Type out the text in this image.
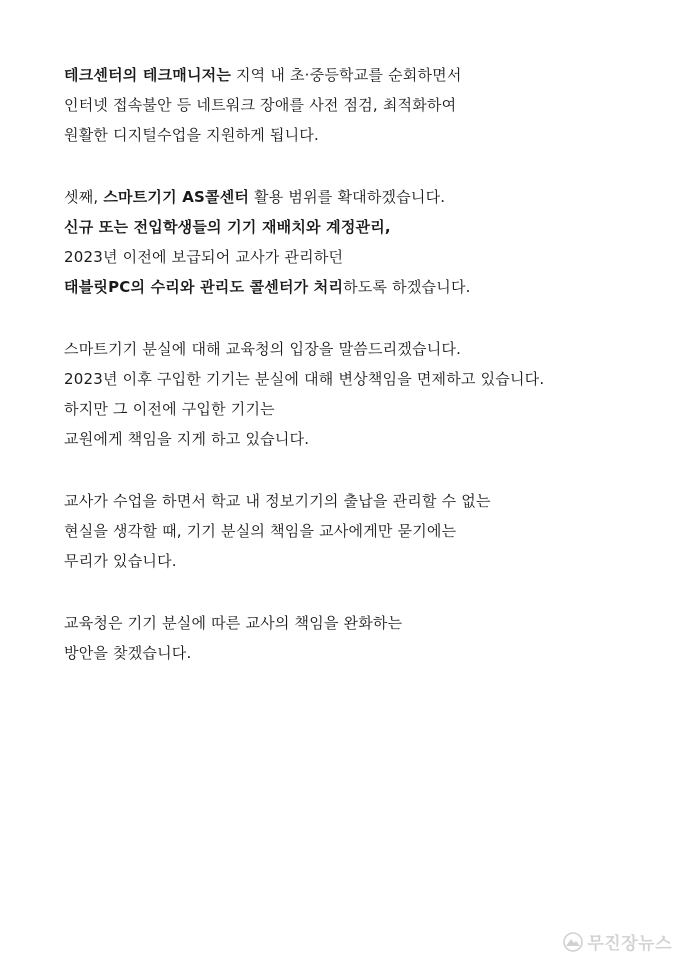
테크센터의 테크매니저는 지역 내 초·중등학교를 순회하면서
인터넷 접속불안 등 네트워크 장애를 사전 점검, 최적화하여
원활한 디지털수업을 지원하게 됩니다.
셋째, 스마트기기 AS콜센터 활용 범위를 확대하겠습니다.
신규 또는 전입학생들의 기기 재배치와 계정관리,
2023년 이전에 보급되어 교사가 관리하던
태블릿PC의 수리와 관리도 콜센터가 처리하도록 하겠습니다.
스마트기기 분실에 대해 교육청의 입장을 말씀드리겠습니다.
2023년 이후 구입한 기기는 분실에 대해 변상책임을 면제하고 있습니다.
하지만 그 이전에 구입한 기기는
교원에게 책임을 지게 하고 있습니다.
교사가 수업을 하면서 학교 내 정보기기의 출납을 관리할 수 없는
현실을 생각할 때, 기기 분실의 책임을 교사에게만 묻기에는
무리가 있습니다.
교육청은 기기 분실에 따른 교사의 책임을 완화하는
방안을 찾겠습니다.
무진장뉴스
